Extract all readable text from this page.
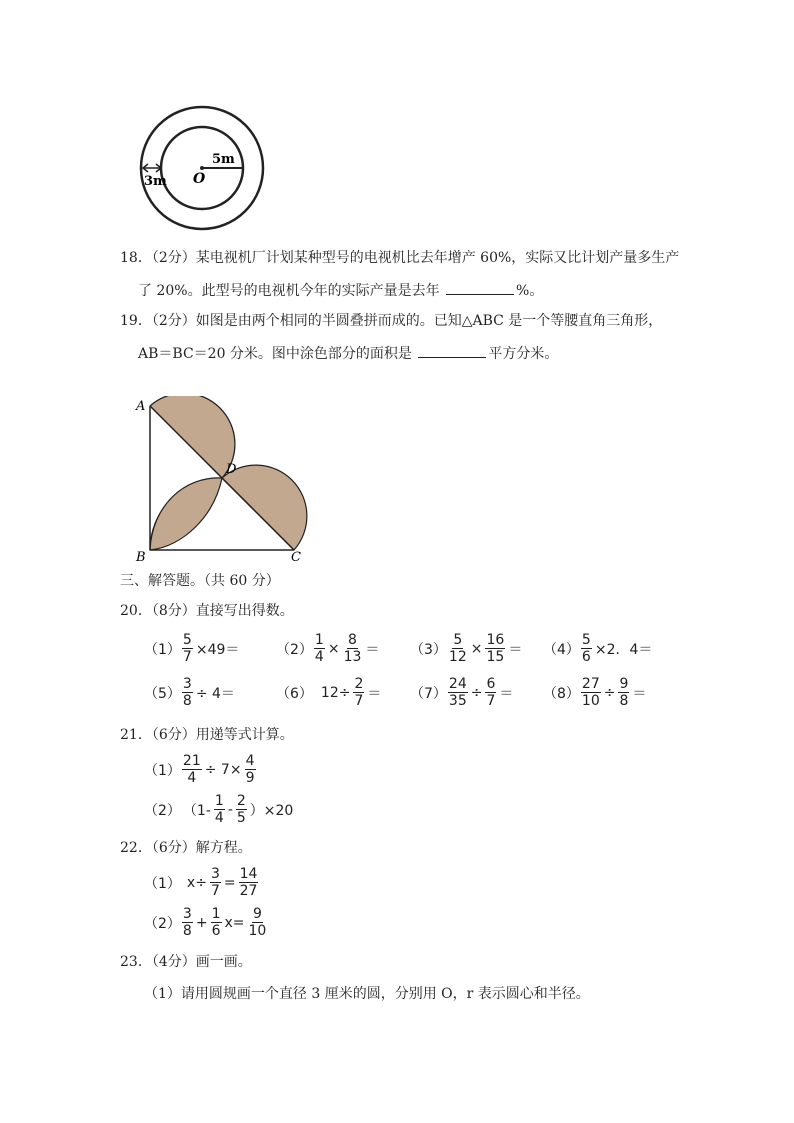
5m
3m O
18．（2分）某电视机厂计划某种型号的电视机比去年增产 60%，实际又比计划产量多生产
了 20%。此型号的电视机今年的实际产量是去年	%。
19．（2分）如图是由两个相同的半圆叠拼而成的。已知△ABC 是一个等腰直角三角形，
AB＝BC＝20 分米。图中涂色部分的面积是	平方分米。
A
B	C
D
三、解答题。（共 60 分）
20．（8分）直接写出得数。
$(1) \frac{5}{7} \times 49=$	$(2) \frac{1}{4} \times \frac{8}{13} = (3) \frac{5}{12} \times \frac{16}{15} = (4) \frac{5}{6} \times 2$．4＝
$(5) \frac{3}{8} \div 4=$	（6） $12\div \frac{2}{7} = (7) \frac{24}{35} \div \frac{6}{7} = (8) \frac{27}{10} \div \frac{9}{8}$ ＝
21．（6分）用递等式计算。
$(1) \frac{21}{4} \div 7\times \frac{4}{9}$
（2） $(1- \frac{1}{4} - \frac{2}{5} )\times 20$
22．（6分）解方程。
（1） $x\div \frac{3}{7} = \frac{14}{27}$
$(2) \frac{3}{8} + \frac{1}{6} x= \frac{9}{10}$
23．（4分）画一画。
（1）请用圆规画一个直径 3 厘米的圆，分别用 O，r 表示圆心和半径。
